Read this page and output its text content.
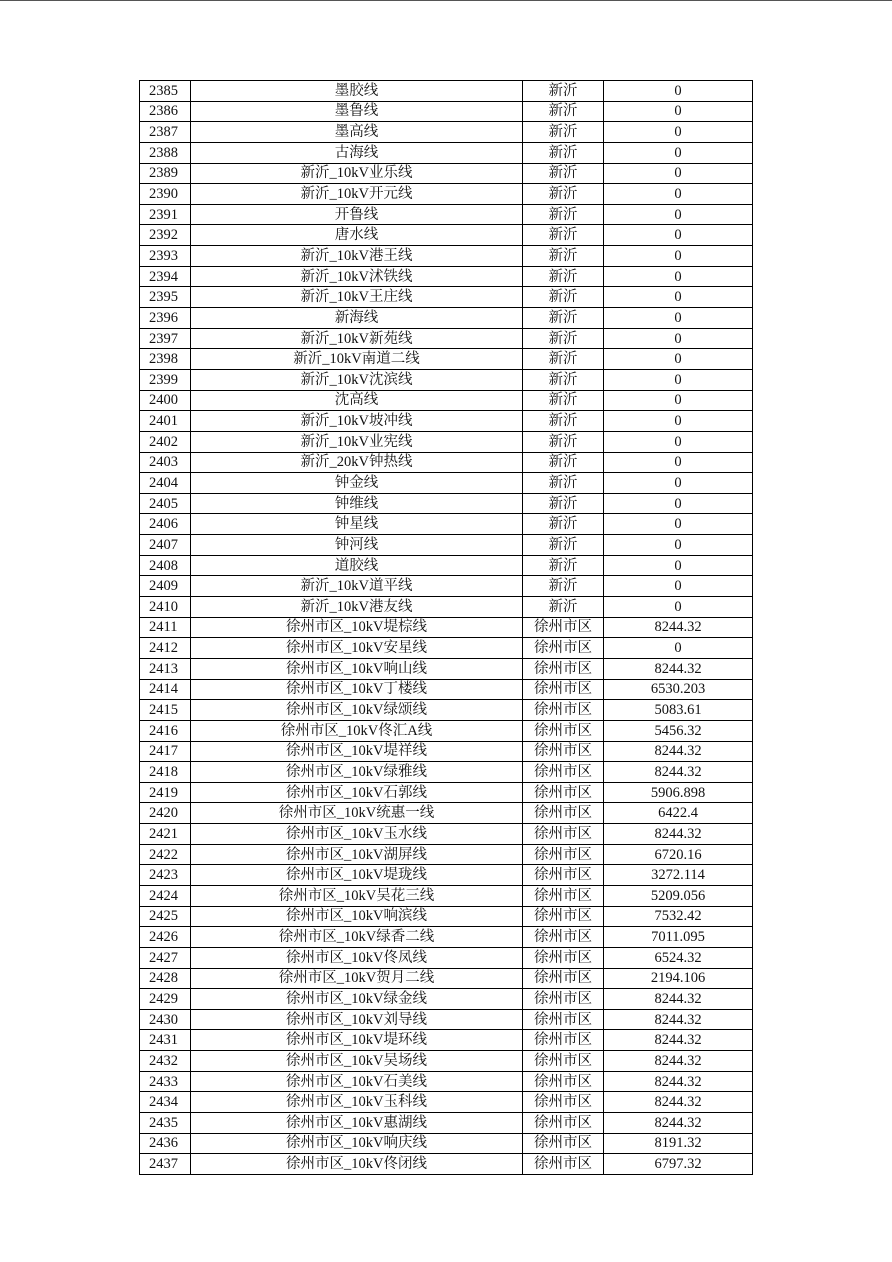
2385	墨胶线	新沂	0
2386	墨鲁线	新沂	0
2387	墨高线	新沂	0
2388	古海线	新沂	0
2389	新沂_10kV业乐线	新沂	0
2390	新沂_10kV开元线	新沂	0
2391	开鲁线	新沂	0
2392	唐水线	新沂	0
2393	新沂_10kV港王线	新沂	0
2394	新沂_10kV沭铁线	新沂	0
2395	新沂_10kV王庄线	新沂	0
2396	新海线	新沂	0
2397	新沂_10kV新苑线	新沂	0
2398	新沂_10kV南道二线	新沂	0
2399	新沂_10kV沈滨线	新沂	0
2400	沈高线	新沂	0
2401	新沂_10kV坡冲线	新沂	0
2402	新沂_10kV业宪线	新沂	0
2403	新沂_20kV钟热线	新沂	0
2404	钟金线	新沂	0
2405	钟维线	新沂	0
2406	钟星线	新沂	0
2407	钟河线	新沂	0
2408	道胶线	新沂	0
2409	新沂_10kV道平线	新沂	0
2410	新沂_10kV港友线	新沂	0
2411	徐州市区_10kV堤棕线	徐州市区	8244.32
2412	徐州市区_10kV安星线	徐州市区	0
2413	徐州市区_10kV响山线	徐州市区	8244.32
2414	徐州市区_10kV丁楼线	徐州市区	6530.203
2415	徐州市区_10kV绿颂线	徐州市区	5083.61
2416	徐州市区_10kV佟汇A线	徐州市区	5456.32
2417	徐州市区_10kV堤祥线	徐州市区	8244.32
2418	徐州市区_10kV绿雅线	徐州市区	8244.32
2419	徐州市区_10kV石郭线	徐州市区	5906.898
2420	徐州市区_10kV统惠一线	徐州市区	6422.4
2421	徐州市区_10kV玉水线	徐州市区	8244.32
2422	徐州市区_10kV湖屏线	徐州市区	6720.16
2423	徐州市区_10kV堤珑线	徐州市区	3272.114
2424	徐州市区_10kV吴花三线	徐州市区	5209.056
2425	徐州市区_10kV响滨线	徐州市区	7532.42
2426	徐州市区_10kV绿香二线	徐州市区	7011.095
2427	徐州市区_10kV佟凤线	徐州市区	6524.32
2428	徐州市区_10kV贺月二线	徐州市区	2194.106
2429	徐州市区_10kV绿金线	徐州市区	8244.32
2430	徐州市区_10kV刘导线	徐州市区	8244.32
2431	徐州市区_10kV堤环线	徐州市区	8244.32
2432	徐州市区_10kV吴场线	徐州市区	8244.32
2433	徐州市区_10kV石美线	徐州市区	8244.32
2434	徐州市区_10kV玉科线	徐州市区	8244.32
2435	徐州市区_10kV惠湖线	徐州市区	8244.32
2436	徐州市区_10kV响庆线	徐州市区	8191.32
2437	徐州市区_10kV佟闭线	徐州市区	6797.32
